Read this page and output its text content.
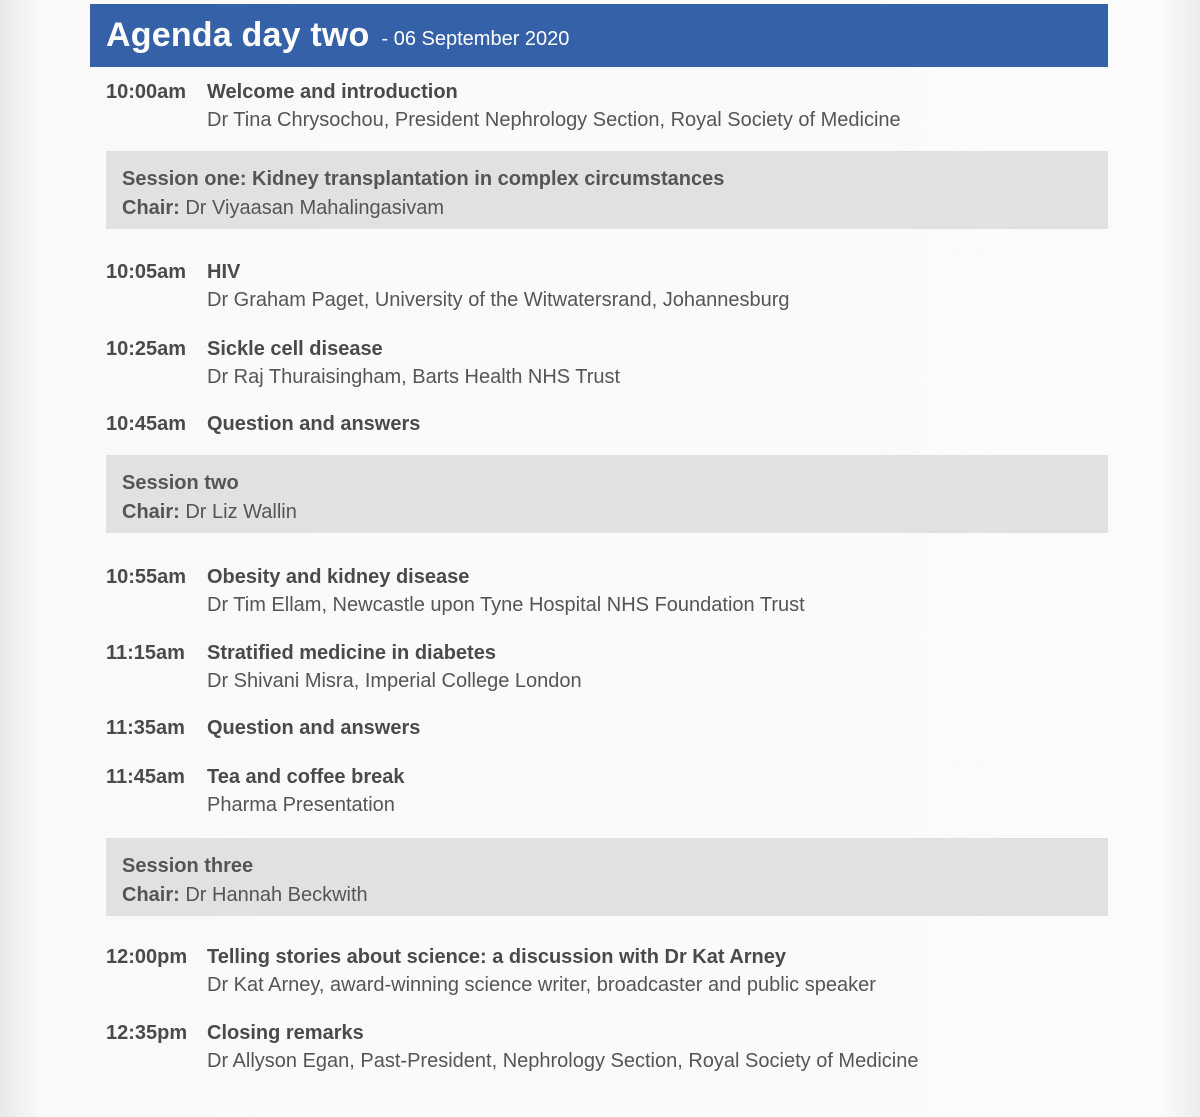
Agenda day two - 06 September 2020
10:00am	Welcome and introduction
Dr Tina Chrysochou, President Nephrology Section, Royal Society of Medicine
Session one: Kidney transplantation in complex circumstances
Chair: Dr Viyaasan Mahalingasivam
10:05am	HIV
Dr Graham Paget, University of the Witwatersrand, Johannesburg
10:25am	Sickle cell disease
Dr Raj Thuraisingham, Barts Health NHS Trust
10:45am	Question and answers
Session two
Chair: Dr Liz Wallin
10:55am	Obesity and kidney disease
Dr Tim Ellam, Newcastle upon Tyne Hospital NHS Foundation Trust
11:15am	Stratified medicine in diabetes
Dr Shivani Misra, Imperial College London
11:35am	Question and answers
11:45am	Tea and coffee break
Pharma Presentation
Session three
Chair: Dr Hannah Beckwith
12:00pm Telling stories about science: a discussion with Dr Kat Arney
Dr Kat Arney, award-winning science writer, broadcaster and public speaker
12:35pm Closing remarks
Dr Allyson Egan, Past-President, Nephrology Section, Royal Society of Medicine
